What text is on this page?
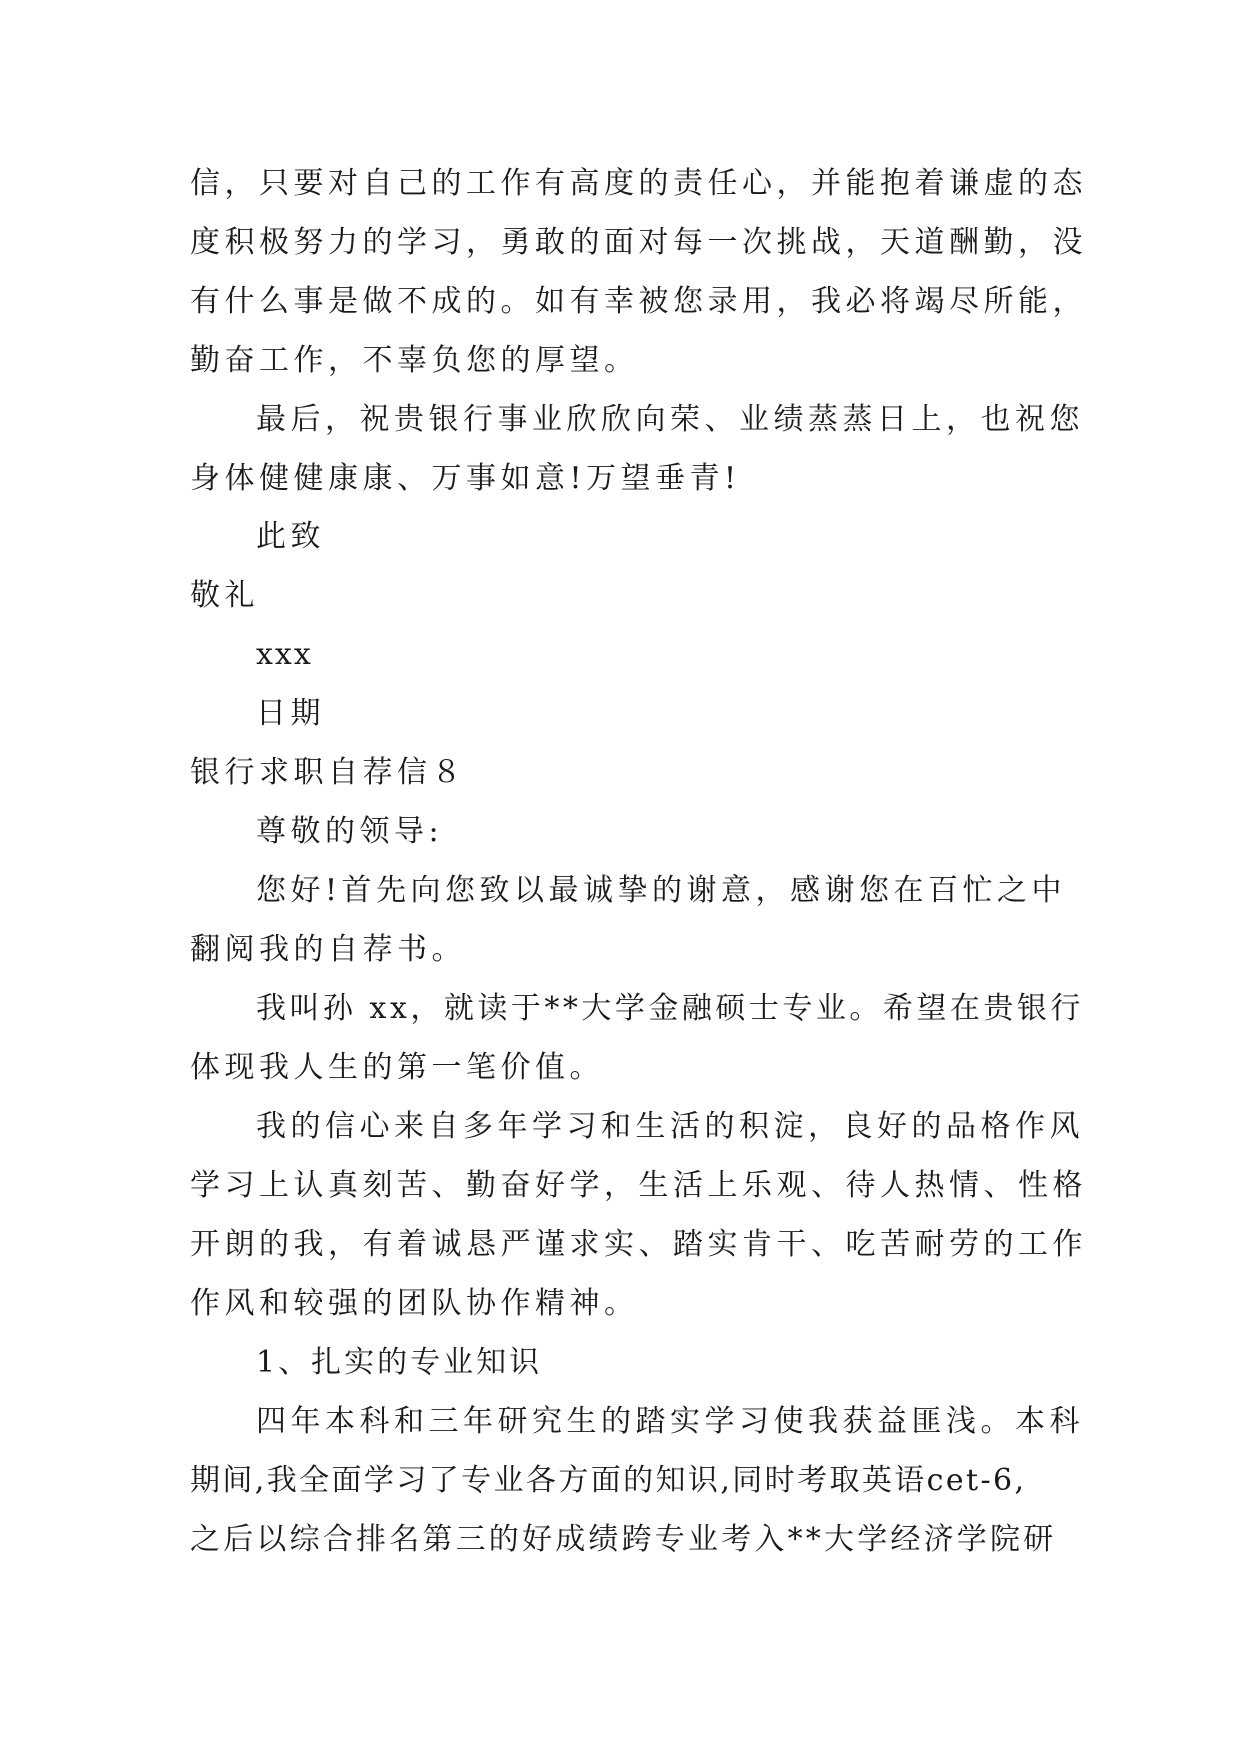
信，只要对自己的工作有高度的责任心，并能抱着谦虚的态
度积极努力的学习，勇敢的面对每一次挑战，天道酬勤，没
有什么事是做不成的。如有幸被您录用，我必将竭尽所能，
勤奋工作，不辜负您的厚望。
最后，祝贵银行事业欣欣向荣、业绩蒸蒸日上，也祝您
身体健健康康、万事如意!万望垂青!
此致
敬礼
xxx
日期
银行求职自荐信８
尊敬的领导:
您好!首先向您致以最诚挚的谢意，感谢您在百忙之中
翻阅我的自荐书。
我叫孙 xx，就读于**大学金融硕士专业。希望在贵银行
体现我人生的第一笔价值。
我的信心来自多年学习和生活的积淀，良好的品格作风
学习上认真刻苦、勤奋好学，生活上乐观、待人热情、性格
开朗的我，有着诚恳严谨求实、踏实肯干、吃苦耐劳的工作
作风和较强的团队协作精神。
1、扎实的专业知识
四年本科和三年研究生的踏实学习使我获益匪浅。本科
期间,我全面学习了专业各方面的知识,同时考取英语cet-6,
之后以综合排名第三的好成绩跨专业考入**大学经济学院研
